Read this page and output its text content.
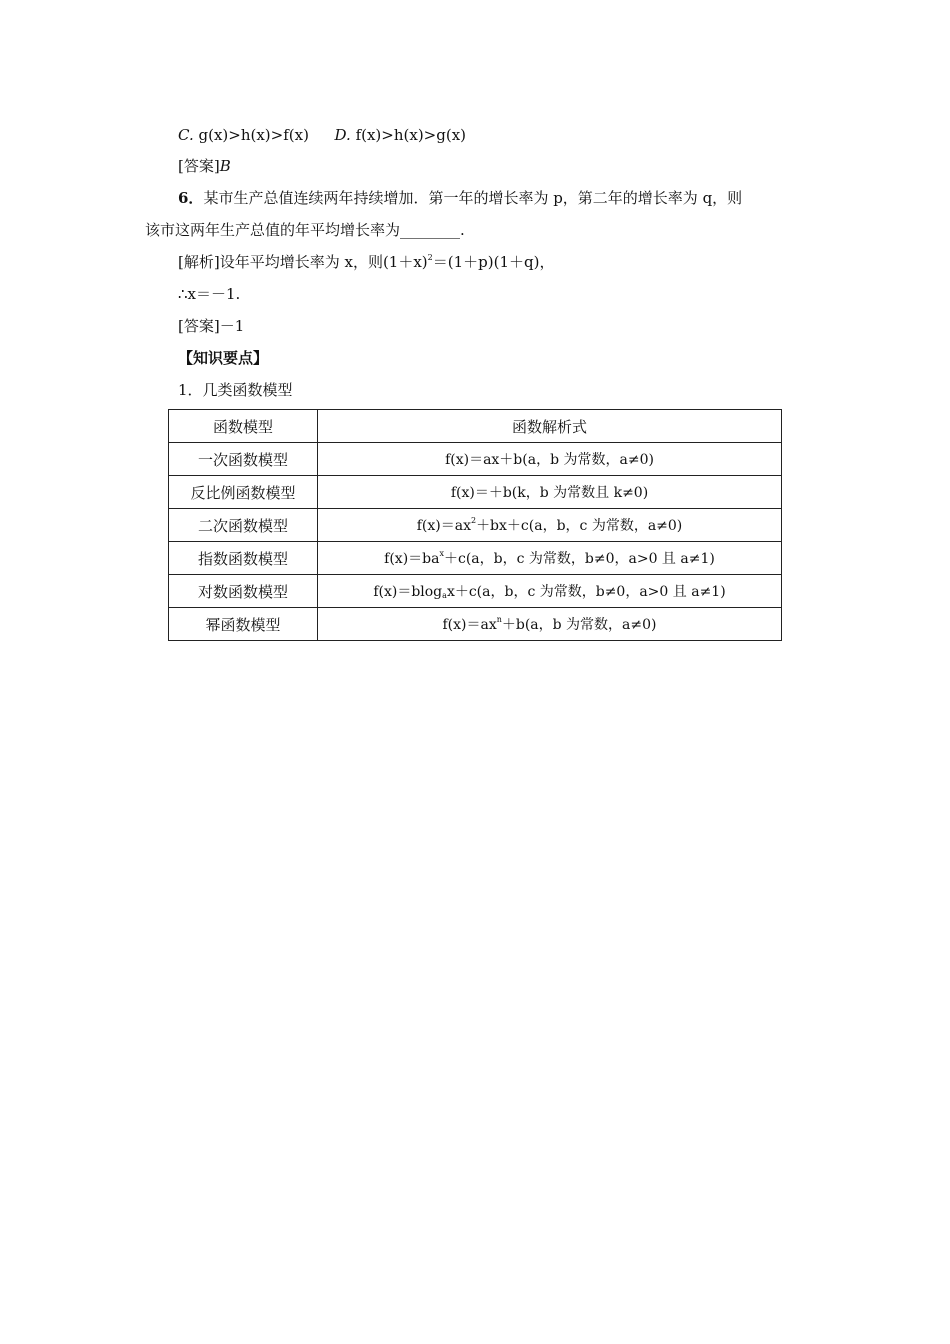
C. g(x)>h(x)>f(x) D. f(x)>h(x)>g(x)
[答案]B
6．某市生产总值连续两年持续增加．第一年的增长率为 p，第二年的增长率为 q，则
该市这两年生产总值的年平均增长率为________.
[解析]设年平均增长率为 x，则$(1+x)^2=(1+p)(1+q)$，
∴x＝－1.
[答案]－1
【知识要点】
1．几类函数模型
函数模型	函数解析式
一次函数模型	f(x)＝ax＋b(a，b 为常数，a≠0)
反比例函数模型	f(x)＝＋b(k，b 为常数且 k≠0)
二次函数模型	$f(x)=ax^2+bx+c(a$，b，c 为常数，a≠0)
指数函数模型	$f(x)=ba^x+c(a$，b，c 为常数，b≠0，a>0 且 a≠1)
对数函数模型	f(x)＝blog$_a$x＋c(a，b，c 为常数，b≠0，a>0 且 a≠1)
幂函数模型	$f(x)=ax^n+b(a$，b 为常数，a≠0)
